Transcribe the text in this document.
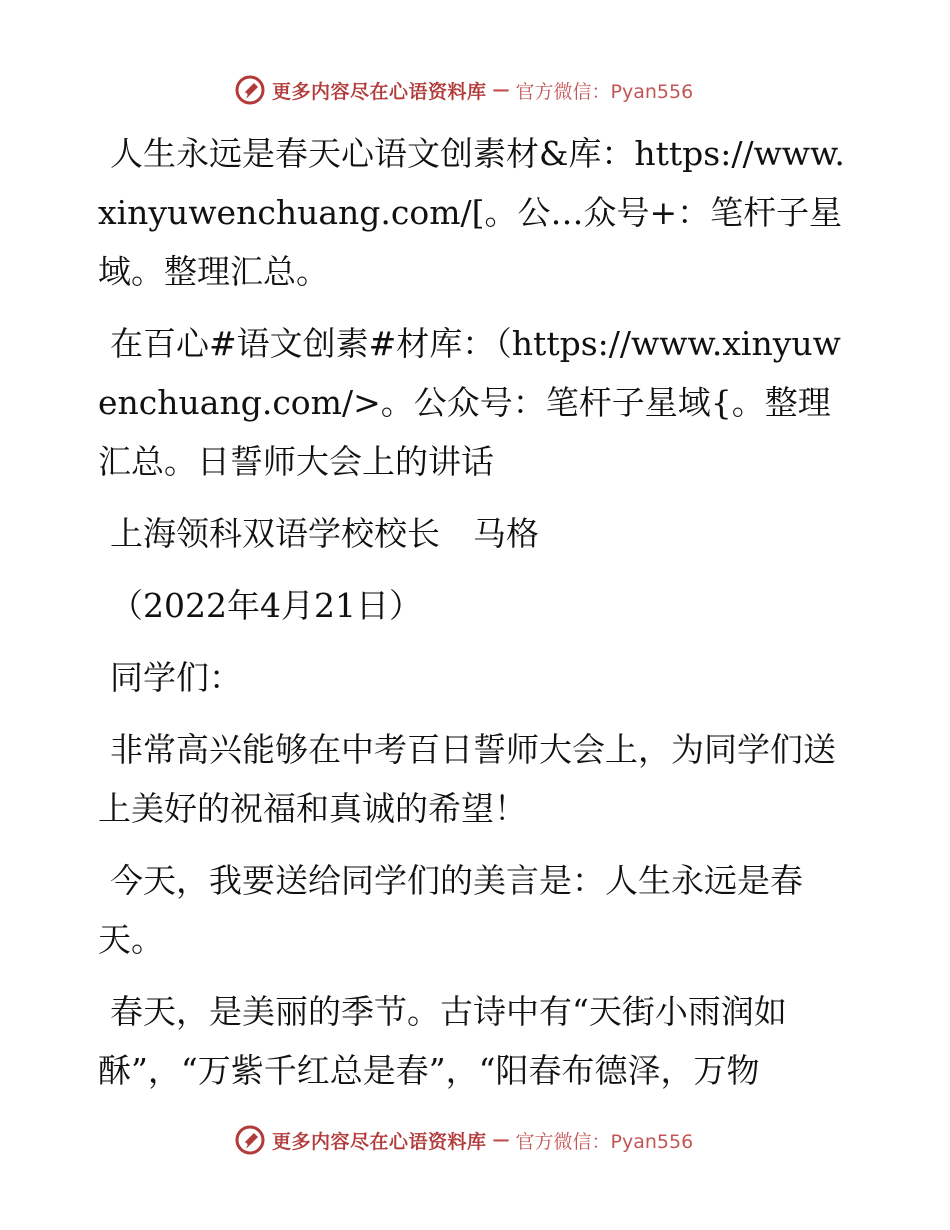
更多内容尽在心语资料库 — 官方微信：Pyan556

人生永远是春天心语文创素材&库：https://www.xinyuwenchuang.com/[。公…众号+：笔杆子星域。整理汇总。

在百心#语文创素#材库：（https://www.xinyuwenchuang.com/>。公众号：笔杆子星域{。整理汇总。日誓师大会上的讲话

上海领科双语学校校长　马格

（2022年4月21日）

同学们：

非常高兴能够在中考百日誓师大会上，为同学们送上美好的祝福和真诚的希望！

今天，我要送给同学们的美言是：人生永远是春天。

春天，是美丽的季节。古诗中有“天街小雨润如酥”，“万紫千红总是春”，“阳春布德泽，万物

更多内容尽在心语资料库 — 官方微信：Pyan556
